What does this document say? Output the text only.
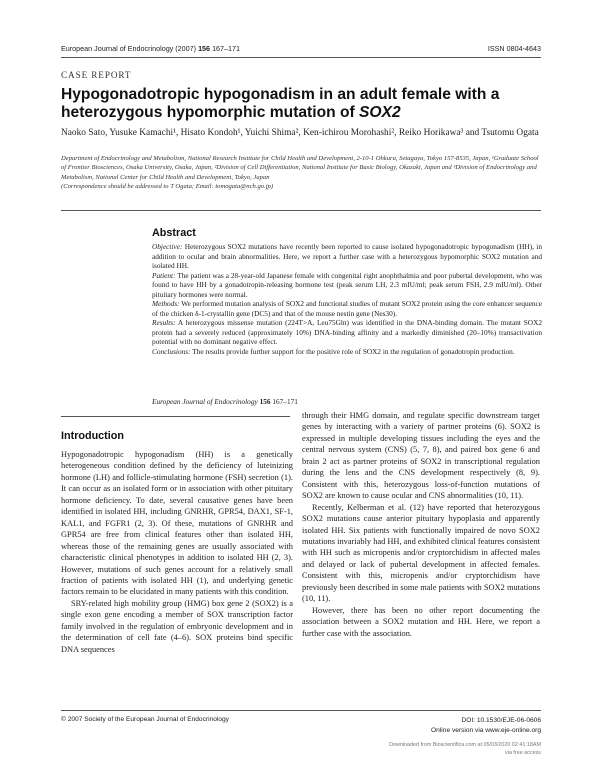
European Journal of Endocrinology (2007) 156 167–171	ISSN 0804-4643
CASE REPORT
Hypogonadotropic hypogonadism in an adult female with a heterozygous hypomorphic mutation of SOX2
Naoko Sato, Yusuke Kamachi¹, Hisato Kondoh¹, Yuichi Shima², Ken-ichirou Morohashi², Reiko Horikawa³ and Tsutomu Ogata
Department of Endocrinology and Metabolism, National Research Institute for Child Health and Development, 2-10-1 Ohkura, Setagaya, Tokyo 157-8535, Japan, ¹Graduate School of Frontier Biosciences, Osaka University, Osaka, Japan, ²Division of Cell Differentiation, National Institute for Basic Biology, Okazaki, Japan and ³Division of Endocrinology and Metabolism, National Center for Child Health and Development, Tokyo, Japan
(Correspondence should be addressed to T Ogata; Email: tomogata@nch.go.jp)
Abstract

Objective: Heterozygous SOX2 mutations have recently been reported to cause isolated hypogonadotropic hypogonadism (HH), in addition to ocular and brain abnormalities. Here, we report a further case with a heterozygous hypomorphic SOX2 mutation and isolated HH.

Patient: The patient was a 28-year-old Japanese female with congenital right anophthalmia and poor pubertal development, who was found to have HH by a gonadotropin-releasing hormone test (peak serum LH, 2.3 mIU/ml; peak serum FSH, 2.9 mIU/ml). Other pituitary hormones were normal.

Methods: We performed mutation analysis of SOX2 and functional studies of mutant SOX2 protein using the core enhancer sequence of the chicken δ-1-crystallin gene (DC5) and that of the mouse nestin gene (Nes30).

Results: A heterozygous missense mutation (224T>A, Leu75Gln) was identified in the DNA-binding domain. The mutant SOX2 protein had a severely reduced (approximately 10%) DNA-binding affinity and a markedly diminished (20–10%) transactivation potential with no dominant negative effect.

Conclusions: The results provide further support for the positive role of SOX2 in the regulation of gonadotropin production.

European Journal of Endocrinology 156 167–171
Introduction

Hypogonadotropic hypogonadism (HH) is a genetically heterogeneous condition defined by the deficiency of luteinizing hormone (LH) and follicle-stimulating hormone (FSH) secretion (1). It can occur as an isolated form or in association with other pituitary hormone deficiency. To date, several causative genes have been identified in isolated HH, including GNRHR, GPR54, DAX1, SF-1, KAL1, and FGFR1 (2, 3). Of these, mutations of GNRHR and GPR54 are free from clinical features other than isolated HH, whereas those of the remaining genes are usually associated with characteristic clinical phenotypes in addition to isolated HH (2, 3). However, mutations of such genes account for a relatively small fraction of patients with isolated HH (1), and underlying genetic factors remain to be elucidated in many patients with this condition.

SRY-related high mobility group (HMG) box gene 2 (SOX2) is a single exon gene encoding a member of SOX transcription factor family involved in the regulation of embryonic development and in the determination of cell fate (4–6). SOX proteins bind specific DNA sequences

through their HMG domain, and regulate specific downstream target genes by interacting with a variety of partner proteins (6). SOX2 is expressed in multiple developing tissues including the eyes and the central nervous system (CNS) (5, 7, 8), and paired box gene 6 and brain 2 act as partner proteins of SOX2 in transcriptional regulation during the lens and the CNS development respectively (8, 9). Consistent with this, heterozygous loss-of-function mutations of SOX2 are known to cause ocular and CNS abnormalities (10, 11).

Recently, Kelberman et al. (12) have reported that heterozygous SOX2 mutations cause anterior pituitary hypoplasia and apparently isolated HH. Six patients with functionally impaired de novo SOX2 mutations invariably had HH, and exhibited clinical features consistent with HH such as micropenis and/or cryptorchidism in affected males and delayed or lack of pubertal development in affected females. Consistent with this, micropenis and/or cryptorchidism have previously been described in some male patients with SOX2 mutations (10, 11).

However, there has been no other report documenting the association between a SOX2 mutation and HH. Here, we report a further case with the association.

© 2007 Society of the European Journal of Endocrinology	DOI: 10.1530/EJE-06-0606
Online version via www.eje-online.org
Downloaded from Bioscientifica.com at 05/03/2020 02:41:18AM
via free access
